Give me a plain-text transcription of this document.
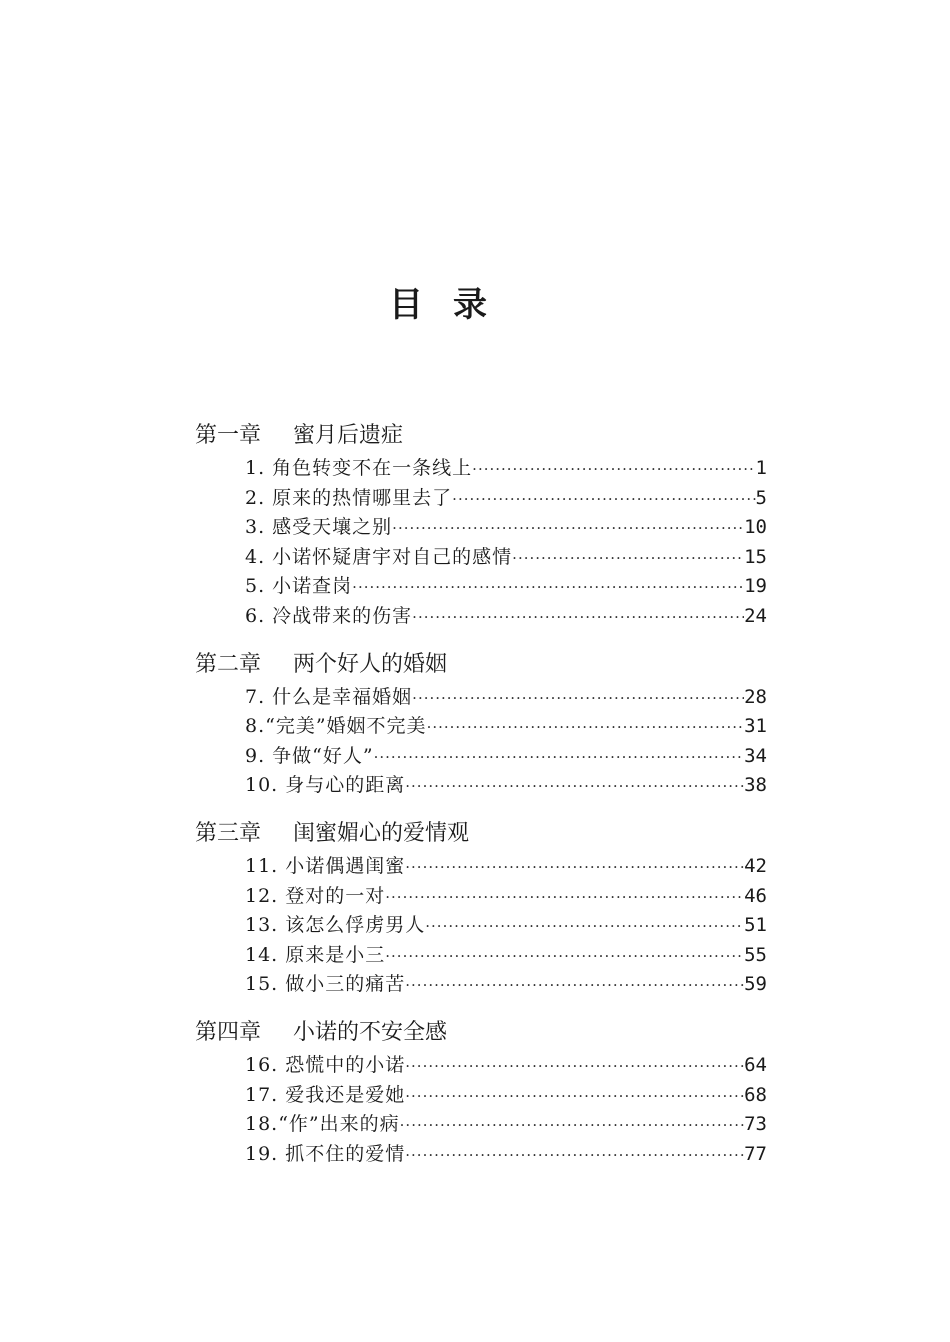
目录
第一章 蜜月后遗症
1. 角色转变不在一条线上 ·····	1
2. 原来的热情哪里去了 ·····	5
3. 感受天壤之别 ·····	10
4. 小诺怀疑唐宇对自己的感情 ·····	15
5. 小诺查岗 ·····	19
6. 冷战带来的伤害 ·····	24
第二章 两个好人的婚姻
7. 什么是幸福婚姻 ·····	28
8.“完美”婚姻不完美 ·····	31
9. 争做“好人” ·····	34
10. 身与心的距离 ·····	38
第三章 闺蜜媚心的爱情观
11. 小诺偶遇闺蜜 ·····	42
12. 登对的一对 ·····	46
13. 该怎么俘虏男人 ·····	51
14. 原来是小三 ·····	55
15. 做小三的痛苦 ·····	59
第四章 小诺的不安全感
16. 恐慌中的小诺 ·····	64
17. 爱我还是爱她 ·····	68
18.“作”出来的病 ·····	73
19. 抓不住的爱情 ·····	77
